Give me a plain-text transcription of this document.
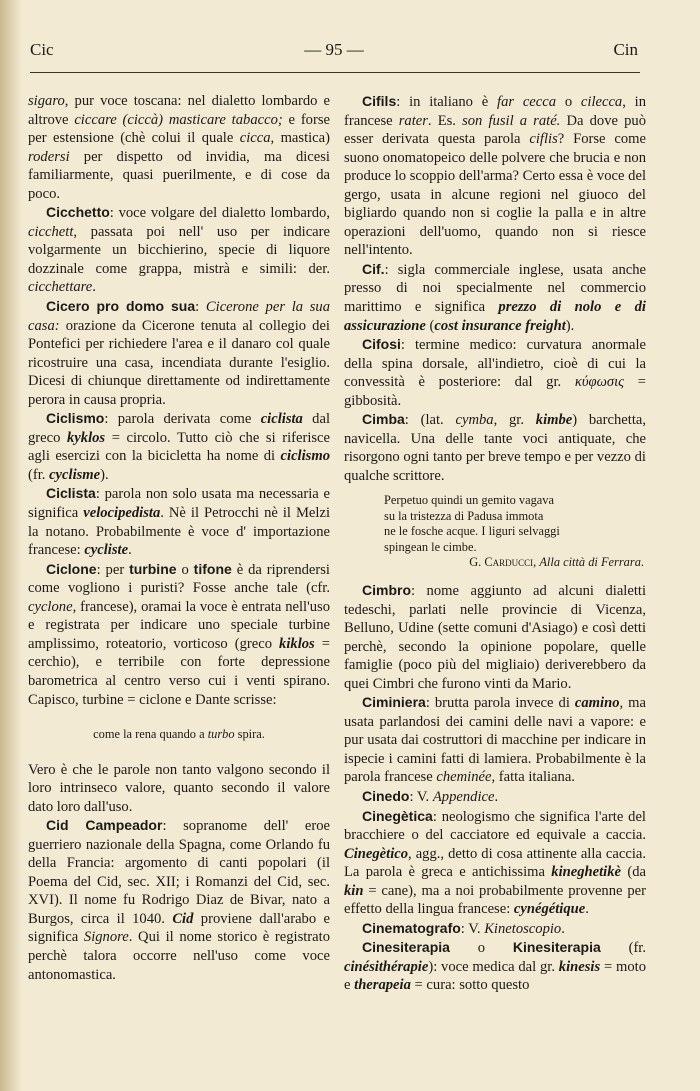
Cic	— 95 —	Cin

sigaro, pur voce toscana: nel dialetto lombardo e altrove ciccare (ciccà) masticare tabacco; e forse per estensione (chè colui il quale cicca, mastica) rodersi per dispetto od invidia, ma dicesi familiarmente, quasi puerilmente, e di cose da poco.

Cicchetto: voce volgare del dialetto lombardo, cicchett, passata poi nell' uso per indicare volgarmente un bicchierino, specie di liquore dozzinale come grappa, mistrà e simili: der. cicchettare.

Cicero pro domo sua: Cicerone per la sua casa: orazione da Cicerone tenuta al collegio dei Pontefici per richiedere l'area e il danaro col quale ricostruire una casa, incendiata durante l'esiglio. Dicesi di chiunque direttamente od indirettamente perora in causa propria.

Ciclismo: parola derivata come ciclista dal greco kyklos = circolo. Tutto ciò che si riferisce agli esercizi con la bicicletta ha nome di ciclismo (fr. cyclisme).

Ciclista: parola non solo usata ma necessaria e significa velocipedista. Nè il Petrocchi nè il Melzi la notano. Probabilmente è voce d' importazione francese: cycliste.

Ciclone: per turbine o tifone è da riprendersi come vogliono i puristi? Fosse anche tale (cfr. cyclone, francese), oramai la voce è entrata nell'uso e registrata per indicare uno speciale turbine amplissimo, roteatorio, vorticoso (greco kiklos = cerchio), e terribile con forte depressione barometrica al centro verso cui i venti spirano. Capisco, turbine = ciclone e Dante scrisse:

come la rena quando a turbo spira.

Vero è che le parole non tanto valgono secondo il loro intrinseco valore, quanto secondo il valore dato loro dall'uso.

Cid Campeador: sopranome dell' eroe guerriero nazionale della Spagna, come Orlando fu della Francia: argomento di canti popolari (il Poema del Cid, sec. XII; i Romanzi del Cid, sec. XVI). Il nome fu Rodrigo Diaz de Bivar, nato a Burgos, circa il 1040. Cid proviene dall'arabo e significa Signore. Qui il nome storico è registrato perchè talora occorre nell'uso come voce antonomastica.

Cifils: in italiano è far cecca o cilecca, in francese rater. Es. son fusil a raté. Da dove può esser derivata questa parola ciflis? Forse come suono onomatopeico delle polvere che brucia e non produce lo scoppio dell'arma? Certo essa è voce del gergo, usata in alcune regioni nel giuoco del bigliardo quando non si coglie la palla e in altre operazioni dell'uomo, quando non si riesce nell'intento.

Cif.: sigla commerciale inglese, usata anche presso di noi specialmente nel commercio marittimo e significa prezzo di nolo e di assicurazione (cost insurance freight).

Cifosi: termine medico: curvatura anormale della spina dorsale, all'indietro, cioè di cui la convessità è posteriore: dal gr. κύφωσις = gibbosità.

Cimba: (lat. cymba, gr. kimbe) barchetta, navicella. Una delle tante voci antiquate, che risorgono ogni tanto per breve tempo e per vezzo di qualche scrittore.

Perpetuo quindi un gemito vagava
su la tristezza di Padusa immota
ne le fosche acque. I liguri selvaggi
spingean le cimbe.
G. Carducci, Alla città di Ferrara.

Cimbro: nome aggiunto ad alcuni dialetti tedeschi, parlati nelle provincie di Vicenza, Belluno, Udine (sette comuni d'Asiago) e così detti perchè, secondo la opinione popolare, quelle famiglie (poco più del migliaio) deriverebbero da quei Cimbri che furono vinti da Mario.

Ciminiera: brutta parola invece di camino, ma usata parlandosi dei camini delle navi a vapore: e pur usata dai costruttori di macchine per indicare in ispecie i camini fatti di lamiera. Probabilmente è la parola francese cheminée, fatta italiana.

Cinedo: V. Appendice.

Cinegètica: neologismo che significa l'arte del bracchiere o del cacciatore ed equivale a caccia. Cinegètico, agg., detto di cosa attinente alla caccia. La parola è greca e antichissima kineghetikè (da kin = cane), ma a noi probabilmente provenne per effetto della lingua francese: cynégétique.

Cinematografo: V. Kinetoscopio.

Cinesiterapia o Kinesiterapia (fr. cinésithérapie): voce medica dal gr. kinesis = moto e therapeia = cura: sotto questo
